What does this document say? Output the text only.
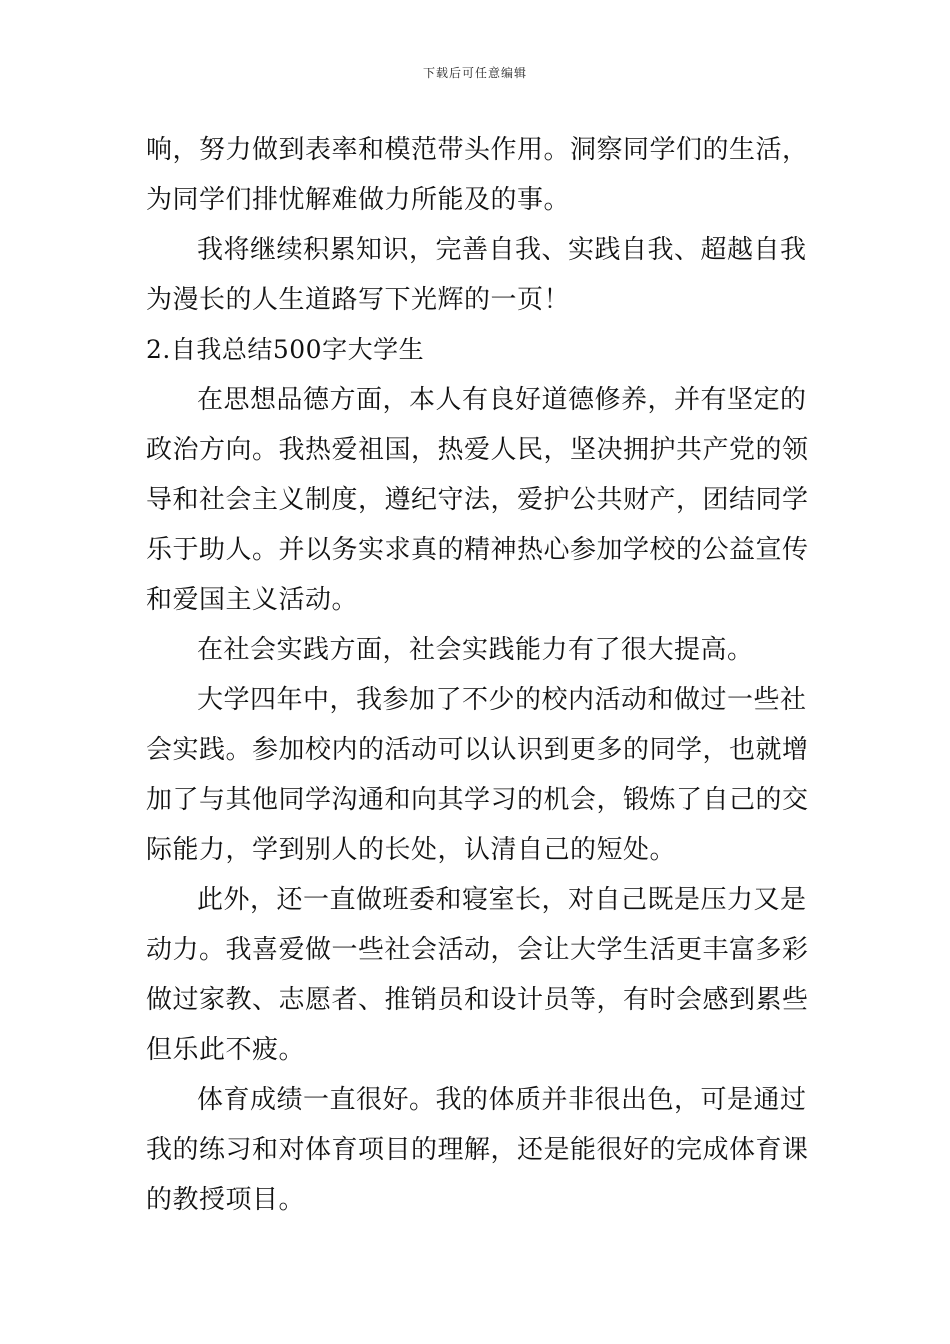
下载后可任意编辑
响，努力做到表率和模范带头作用。洞察同学们的生活，
为同学们排忧解难做力所能及的事。
我将继续积累知识，完善自我、实践自我、超越自我
为漫长的人生道路写下光辉的一页！
2.自我总结500字大学生
在思想品德方面，本人有良好道德修养，并有坚定的
政治方向。我热爱祖国，热爱人民，坚决拥护共产党的领
导和社会主义制度，遵纪守法，爱护公共财产，团结同学
乐于助人。并以务实求真的精神热心参加学校的公益宣传
和爱国主义活动。
在社会实践方面，社会实践能力有了很大提高。
大学四年中，我参加了不少的校内活动和做过一些社
会实践。参加校内的活动可以认识到更多的同学，也就增
加了与其他同学沟通和向其学习的机会，锻炼了自己的交
际能力，学到别人的长处，认清自己的短处。
此外，还一直做班委和寝室长，对自己既是压力又是
动力。我喜爱做一些社会活动，会让大学生活更丰富多彩
做过家教、志愿者、推销员和设计员等，有时会感到累些
但乐此不疲。
体育成绩一直很好。我的体质并非很出色，可是通过
我的练习和对体育项目的理解，还是能很好的完成体育课
的教授项目。
